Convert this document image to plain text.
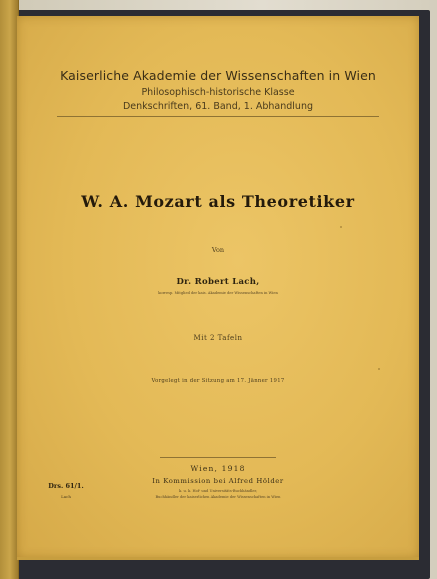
Kaiserliche Akademie der Wissenschaften in Wien
Philosophisch-historische Klasse
Denkschriften, 61. Band, 1. Abhandlung
W. A. Mozart als Theoretiker
Von
Dr. Robert Lach,
korresp. Mitglied der kais. Akademie der Wissenschaften in Wien
Mit 2 Tafeln
Vorgelegt in der Sitzung am 17. Jänner 1917
Wien, 1918
In Kommission bei Alfred Hölder
k. u. k. Hof- und Universitäts-Buchhändler,
Buchhändler der kaiserlichen Akademie der Wissenschaften in Wien
Drs. 61/1.
Lach
